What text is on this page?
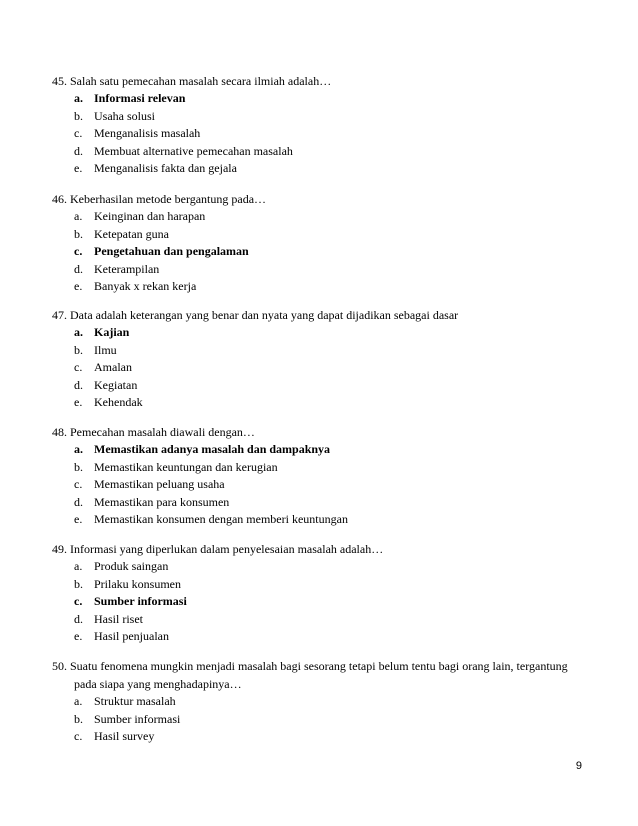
45. Salah satu pemecahan masalah secara ilmiah adalah…
a. Informasi relevan
b. Usaha solusi
c. Menganalisis masalah
d. Membuat alternative pemecahan masalah
e. Menganalisis fakta dan gejala
46. Keberhasilan metode bergantung pada…
a. Keinginan dan harapan
b. Ketepatan guna
c. Pengetahuan dan pengalaman
d. Keterampilan
e. Banyak x rekan kerja
47. Data adalah keterangan yang benar dan nyata yang dapat dijadikan sebagai dasar
a. Kajian
b. Ilmu
c. Amalan
d. Kegiatan
e. Kehendak
48. Pemecahan masalah diawali dengan…
a. Memastikan adanya masalah dan dampaknya
b. Memastikan keuntungan dan kerugian
c. Memastikan peluang usaha
d. Memastikan para konsumen
e. Memastikan konsumen dengan memberi keuntungan
49. Informasi yang diperlukan dalam penyelesaian masalah adalah…
a. Produk saingan
b. Prilaku konsumen
c. Sumber informasi
d. Hasil riset
e. Hasil penjualan
50. Suatu fenomena mungkin menjadi masalah bagi sesorang tetapi belum tentu bagi orang lain, tergantung pada siapa yang menghadapinya…
a. Struktur masalah
b. Sumber informasi
c. Hasil survey
9
